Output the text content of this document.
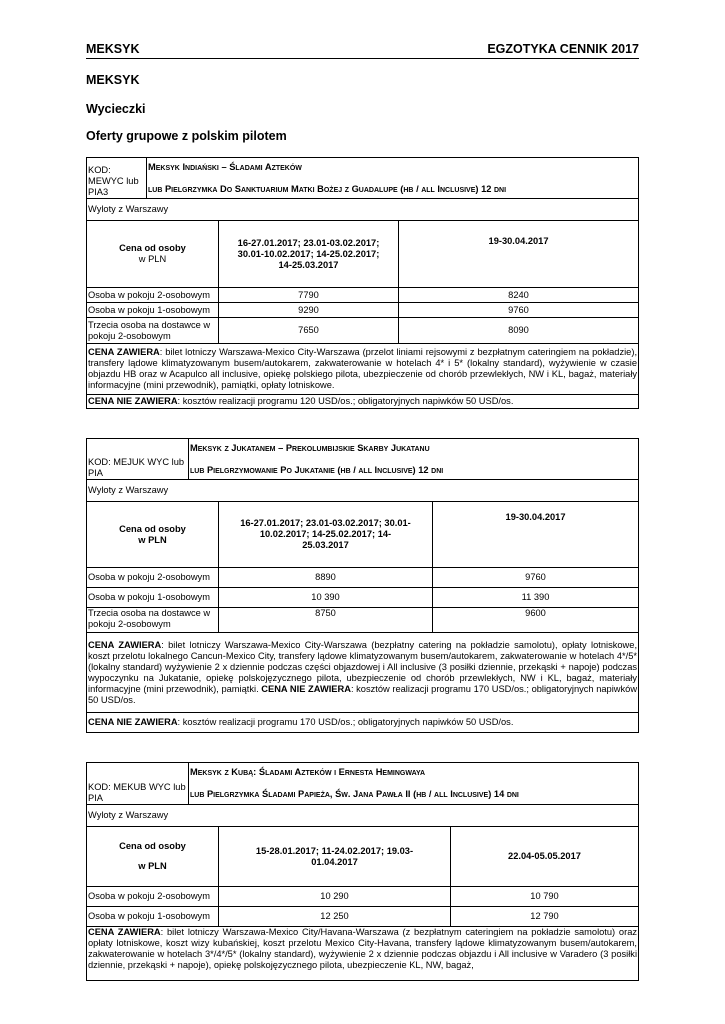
MEKSYK	EGZOTYKA CENNIK 2017
MEKSYK
Wycieczki
Oferty grupowe z polskim pilotem
KOD: MEWYC lub PIA3	Meksyk Indiański – Śladami Azteków
lub Pielgrzymka Do Sanktuarium Matki Bożej z Guadalupe (hb / all Inclusive) 12 dni		

Wyloty z Warszawy			

Cena od osoby
w PLN		16-27.01.2017; 23.01-03.02.2017; 30.01-10.02.2017; 14-25.02.2017; 14-25.03.2017	19-30.04.2017
Osoba w pokoju 2-osobowym		7790	8240
Osoba w pokoju 1-osobowym		9290	9760
Trzecia osoba na dostawce w pokoju 2-osobowym		7650	8090
CENA ZAWIERA: bilet lotniczy Warszawa-Mexico City-Warszawa (przelot liniami rejsowymi z bezpłatnym cateringiem na pokładzie), transfery lądowe klimatyzowanym busem/autokarem, zakwaterowanie w hotelach 4* i 5* (lokalny standard), wyżywienie w czasie objazdu HB oraz w Acapulco all inclusive, opiekę polskiego pilota, ubezpieczenie od chorób przewlekłych, NW i KL, bagaż, materiały informacyjne (mini przewodnik), pamiątki, opłaty lotniskowe.			
CENA NIE ZAWIERA: kosztów realizacji programu 120 USD/os.; obligatoryjnych napiwków 50 USD/os.			
KOD: MEJUK WYC lub PIA	Meksyk z Jukatanem – Prekolumbijskie Skarby Jukatanu
lub Pielgrzymowanie Po Jukatanie (hb / all Inclusive) 12 dni		

Wyloty z Warszawy			

Cena od osoby
w PLN		16-27.01.2017; 23.01-03.02.2017; 30.01-10.02.2017; 14-25.02.2017; 14-25.03.2017	19-30.04.2017
Osoba w pokoju 2-osobowym		8890	9760
Osoba w pokoju 1-osobowym		10 390	11 390
Trzecia osoba na dostawce w pokoju 2-osobowym		8750	9600
CENA ZAWIERA: bilet lotniczy Warszawa-Mexico City-Warszawa (bezpłatny catering na pokładzie samolotu), opłaty lotniskowe, koszt przelotu lokalnego Cancun-Mexico City, transfery lądowe klimatyzowanym busem/autokarem, zakwaterowanie w hotelach 4*/5* (lokalny standard) wyżywienie 2 x dziennie podczas części objazdowej i All inclusive (3 posiłki dziennie, przekąski + napoje) podczas wypoczynku na Jukatanie, opiekę polskojęzycznego pilota, ubezpieczenie od chorób przewlekłych, NW i KL, bagaż, materiały informacyjne (mini przewodnik), pamiątki. CENA NIE ZAWIERA: kosztów realizacji programu 170 USD/os.; obligatoryjnych napiwków 50 USD/os.			
CENA NIE ZAWIERA: kosztów realizacji programu 170 USD/os.; obligatoryjnych napiwków 50 USD/os.			
KOD: MEKUB WYC lub PIA	Meksyk z Kubą: Śladami Azteków i Ernesta Hemingwaya
lub Pielgrzymka Śladami Papieża, Św. Jana Pawła II (hb / all Inclusive) 14 dni		

Wyloty z Warszawy			

Cena od osoby
w PLN		15-28.01.2017; 11-24.02.2017; 19.03-01.04.2017	22.04-05.05.2017
Osoba w pokoju 2-osobowym		10 290	10 790
Osoba w pokoju 1-osobowym		12 250	12 790
CENA ZAWIERA: bilet lotniczy Warszawa-Mexico City/Havana-Warszawa (z bezpłatnym cateringiem na pokładzie samolotu) oraz opłaty lotniskowe, koszt wizy kubańskiej, koszt przelotu Mexico City-Havana, transfery lądowe klimatyzowanym busem/autokarem, zakwaterowanie w hotelach 3*/4*/5* (lokalny standard), wyżywienie 2 x dziennie podczas objazdu i All inclusive w Varadero (3 posiłki dziennie, przekąski + napoje), opiekę polskojęzycznego pilota, ubezpieczenie KL, NW, bagaż,			
